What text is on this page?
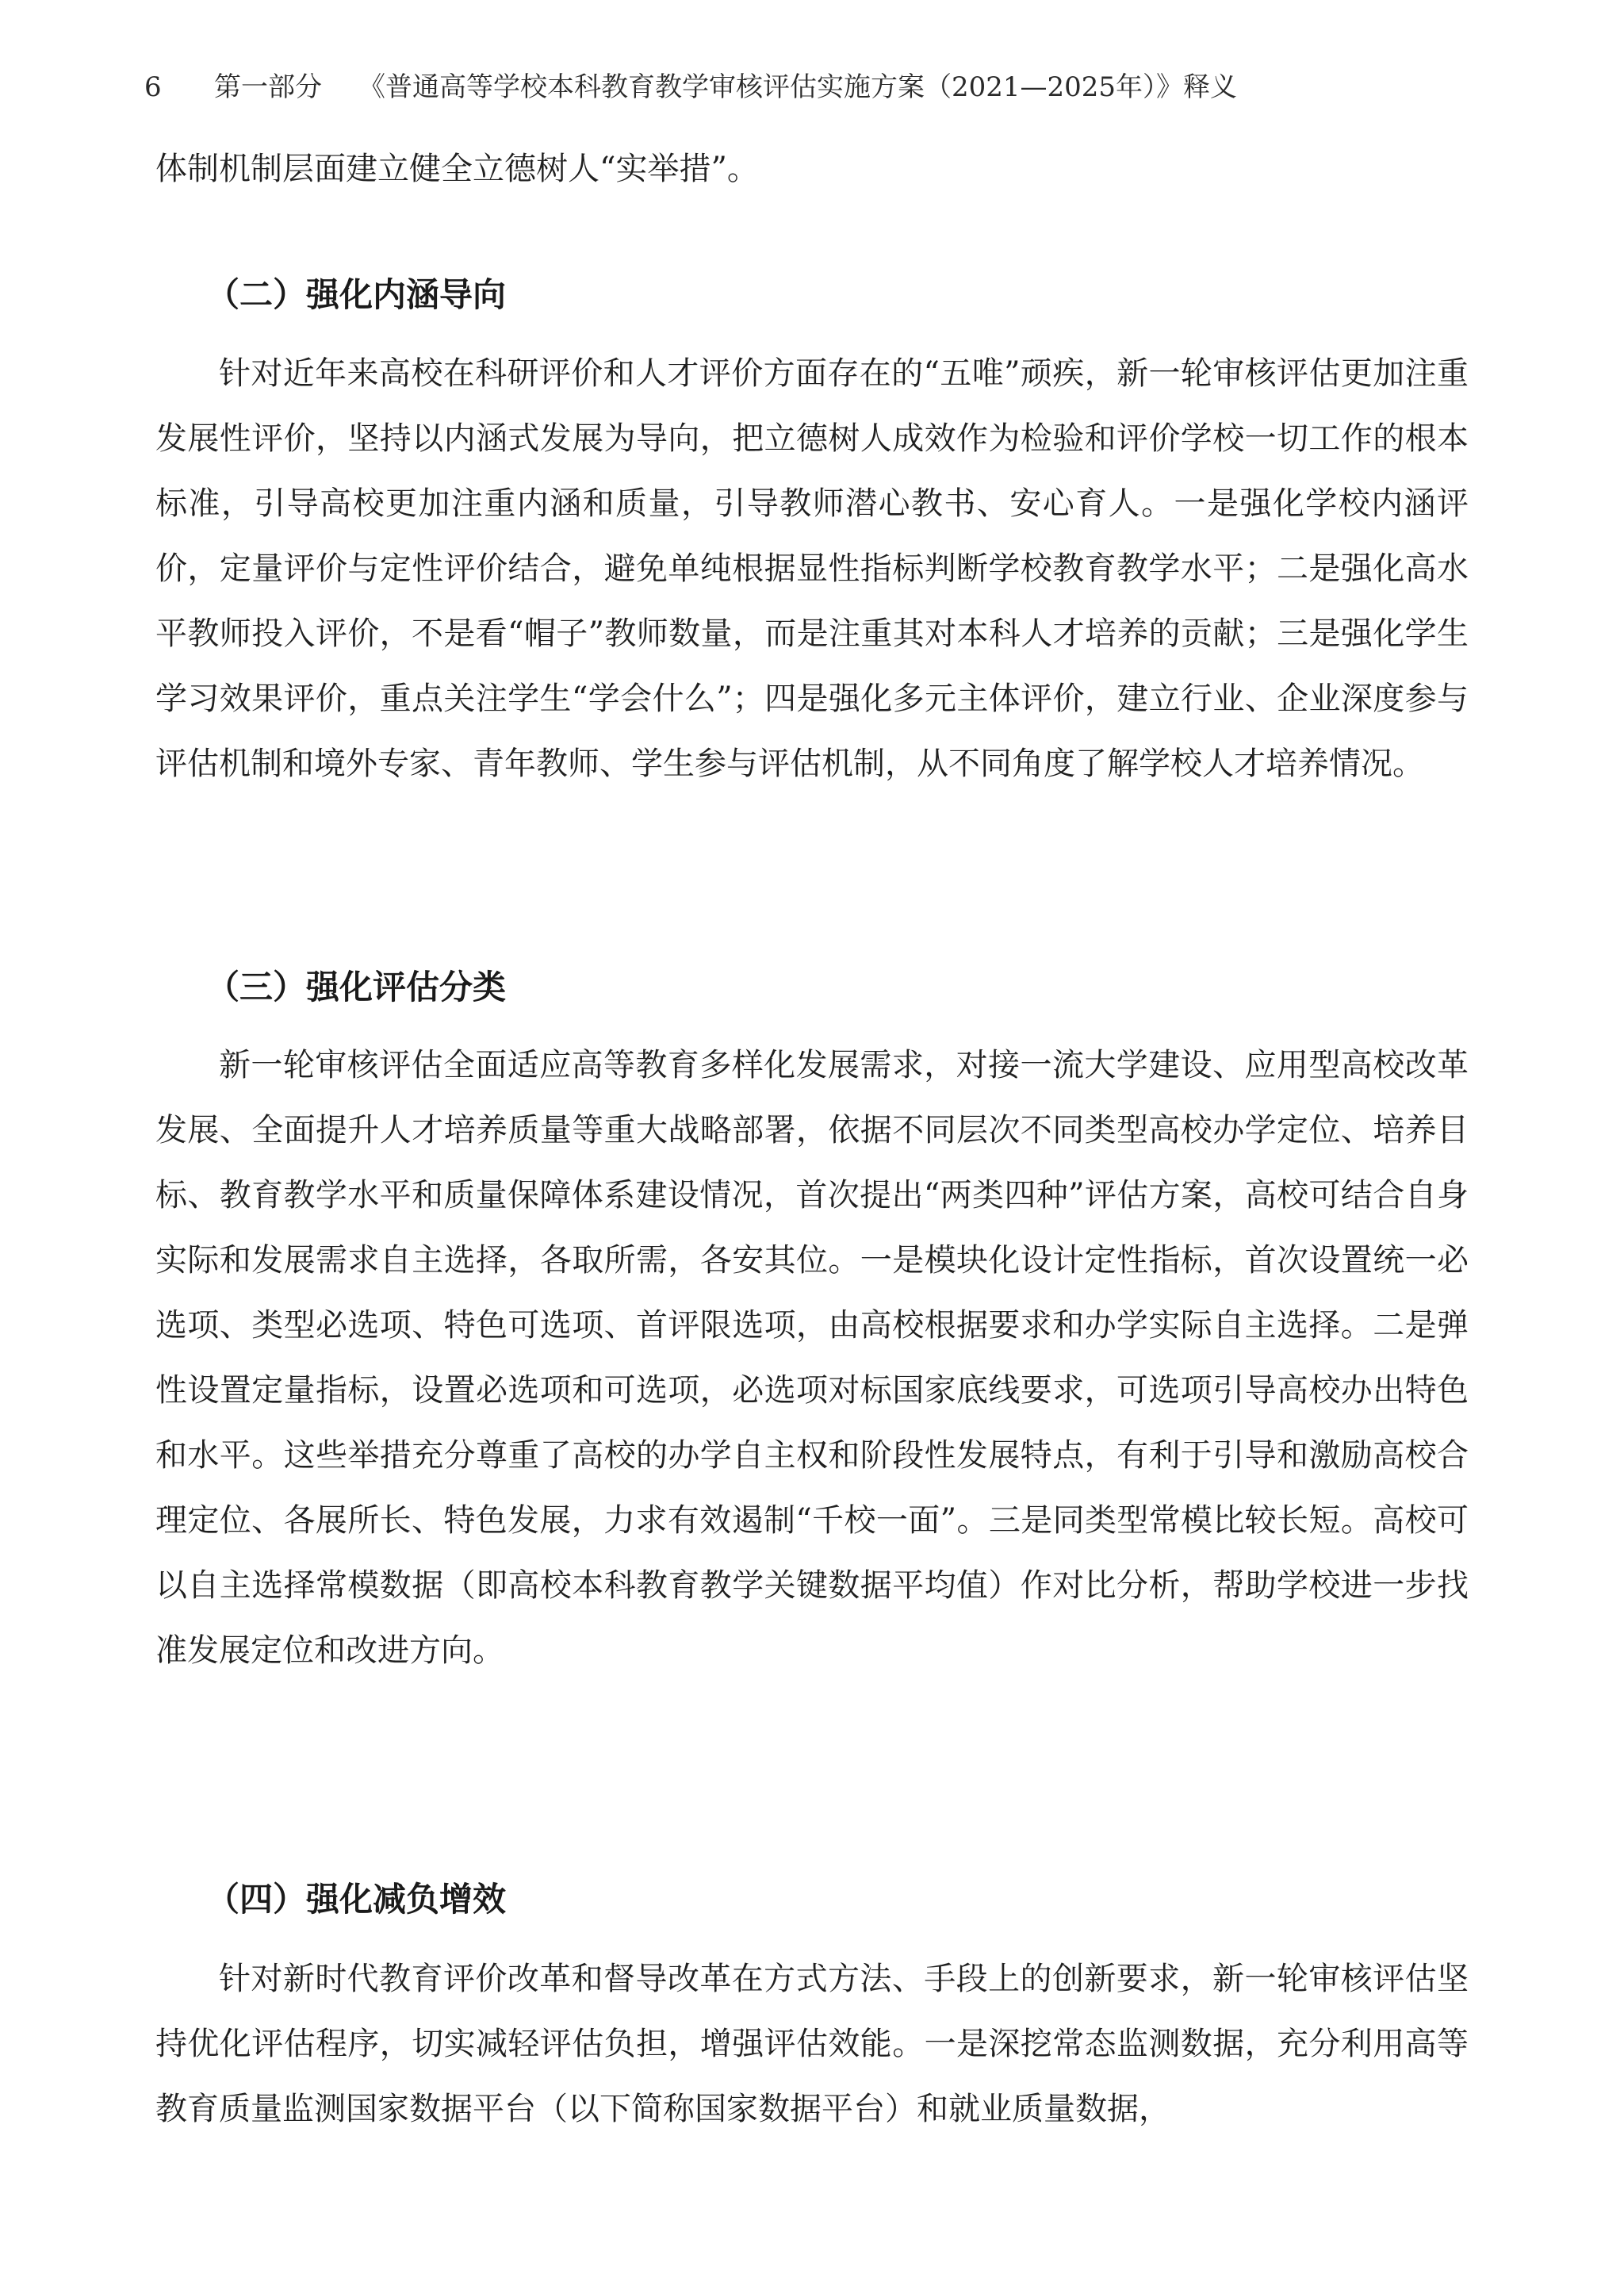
6 第一部分 《普通高等学校本科教育教学审核评估实施方案（2021—2025年）》释义

体制机制层面建立健全立德树人“实举措”。

（二）强化内涵导向

针对近年来高校在科研评价和人才评价方面存在的“五唯”顽疾，新一轮审核评估更加注重发展性评价，坚持以内涵式发展为导向，把立德树人成效作为检验和评价学校一切工作的根本标准，引导高校更加注重内涵和质量，引导教师潜心教书、安心育人。一是强化学校内涵评价，定量评价与定性评价结合，避免单纯根据显性指标判断学校教育教学水平；二是强化高水平教师投入评价，不是看“帽子”教师数量，而是注重其对本科人才培养的贡献；三是强化学生学习效果评价，重点关注学生“学会什么”；四是强化多元主体评价，建立行业、企业深度参与评估机制和境外专家、青年教师、学生参与评估机制，从不同角度了解学校人才培养情况。

（三）强化评估分类

新一轮审核评估全面适应高等教育多样化发展需求，对接一流大学建设、应用型高校改革发展、全面提升人才培养质量等重大战略部署，依据不同层次不同类型高校办学定位、培养目标、教育教学水平和质量保障体系建设情况，首次提出“两类四种”评估方案，高校可结合自身实际和发展需求自主选择，各取所需，各安其位。一是模块化设计定性指标，首次设置统一必选项、类型必选项、特色可选项、首评限选项，由高校根据要求和办学实际自主选择。二是弹性设置定量指标，设置必选项和可选项，必选项对标国家底线要求，可选项引导高校办出特色和水平。这些举措充分尊重了高校的办学自主权和阶段性发展特点，有利于引导和激励高校合理定位、各展所长、特色发展，力求有效遏制“千校一面”。三是同类型常模比较长短。高校可以自主选择常模数据（即高校本科教育教学关键数据平均值）作对比分析，帮助学校进一步找准发展定位和改进方向。

（四）强化减负增效

针对新时代教育评价改革和督导改革在方式方法、手段上的创新要求，新一轮审核评估坚持优化评估程序，切实减轻评估负担，增强评估效能。一是深挖常态监测数据，充分利用高等教育质量监测国家数据平台（以下简称国家数据平台）和就业质量数据，
